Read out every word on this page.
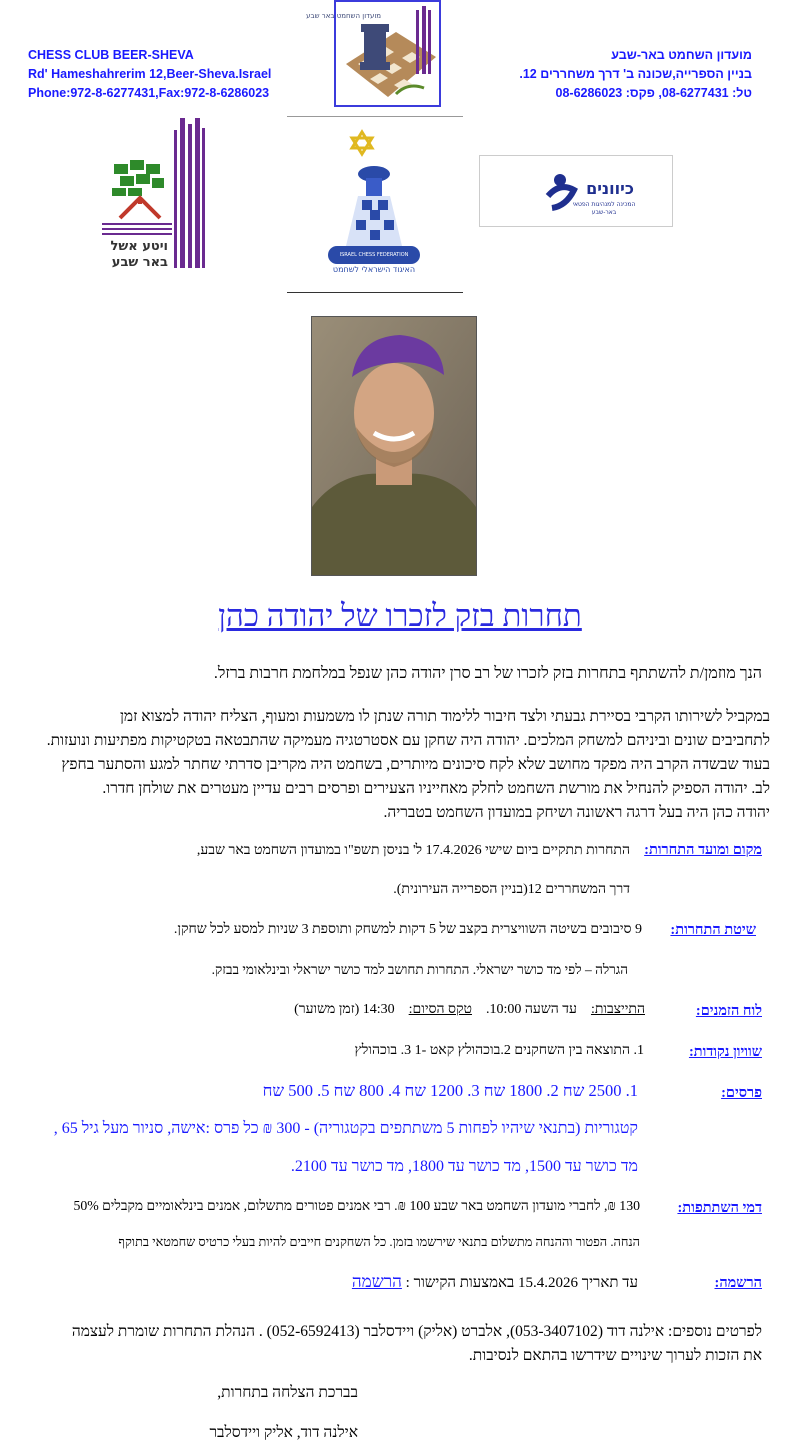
CHESS CLUB BEER-SHEVA
Rd' Hameshahrerim 12,Beer-Sheva.Israel
Phone:972-8-6277431,Fax:972-8-6286023
מועדון השחמט באר-שבע
בניין הספרייה,שכונה ב' דרך משחררים 12.
טל: 08-6277431, פקס: 08-6286023
מועדון השחמט באר שבע
ויטע אשל
באר שבע	ISRAEL CHESS FEDERATION
האיגוד הישראלי לשחמט
כיוונים
המכינה למנהיגות הפטאי
באר-שבע
תחרות בזק לזכרו של יהודה כהן
הנך מוזמן/ת להשתתף בתחרות בזק לזכרו של רב סרן יהודה כהן שנפל במלחמת חרבות ברזל.
במקביל לשירותו הקרבי בסיירת גבעתי ולצד חיבור ללימוד תורה שנתן לו משמעות ומעוף, הצליח יהודה למצוא זמן
לתחביבים שונים וביניהם למשחק המלכים. יהודה היה שחקן עם אסטרטגיה מעמיקה שהתבטאה בטקטיקות מפתיעות ונועזות.
בעוד שבשדה הקרב היה מפקד מחושב שלא לקח סיכונים מיותרים, בשחמט היה מקריבן סדרתי שחתר למגע והסתער בחפץ
לב. יהודה הספיק להנחיל את מורשת השחמט לחלק מאחייניו הצעירים ופרסים רבים עדיין מעטרים את שולחן חדרו.
יהודה כהן היה בעל דרגה ראשונה ושיחק במועדון השחמט בטבריה.
מקום ומועד התחרות:
התחרות תתקיים ביום שישי 17.4.2026 ל' בניסן תשפ"ו במועדון השחמט באר שבע,
דרך המשחררים 12(בניין הספרייה העירונית).
שיטת התחרות:
9 סיבובים בשיטה השוויצרית בקצב של 5 דקות למשחק ותוספת 3 שניות למסע לכל שחקן.
הגרלה – לפי מד כושר ישראלי. התחרות תחושב למד כושר ישראלי ובינלאומי בבזק.
לוח הזמנים:
התייצבות:
עד השעה 10:00.
טקס הסיום:
14:30 (זמן משוער)
שוויון נקודות:
1. התוצאה בין השחקנים 2.בוכהולץ קאט -1 3. בוכהולץ
פרסים:
1. 2500 שח 2. 1800 שח 3. 1200 שח 4. 800 שח 5. 500 שח
קטגוריות (בתנאי שיהיו לפחות 5 משתתפים בקטגוריה) - 300 ₪ כל פרס :אישה, סניור מעל גיל 65 ,
מד כושר עד 1500, מד כושר עד 1800, מד כושר עד 2100.
דמי השתתפות:
130 ₪, לחברי מועדון השחמט באר שבע 100 ₪. רבי אמנים פטורים מתשלום, אמנים בינלאומיים מקבלים 50%
הנחה. הפטור וההנחה מתשלום בתנאי שירשמו בזמן. כל השחקנים חייבים להיות בעלי כרטיס שחמטאי בתוקף
הרשמה:
עד תאריך 15.4.2026 באמצעות הקישור : הרשמה
לפרטים נוספים: אילנה דוד (053-3407102), אלברט (אליק) ויידסלבר (052-6592413) . הנהלת התחרות שומרת לעצמה
את הזכות לערוך שינויים שידרשו בהתאם לנסיבות.
בברכת הצלחה בתחרות,
אילנה דוד, אליק ויידסלבר
